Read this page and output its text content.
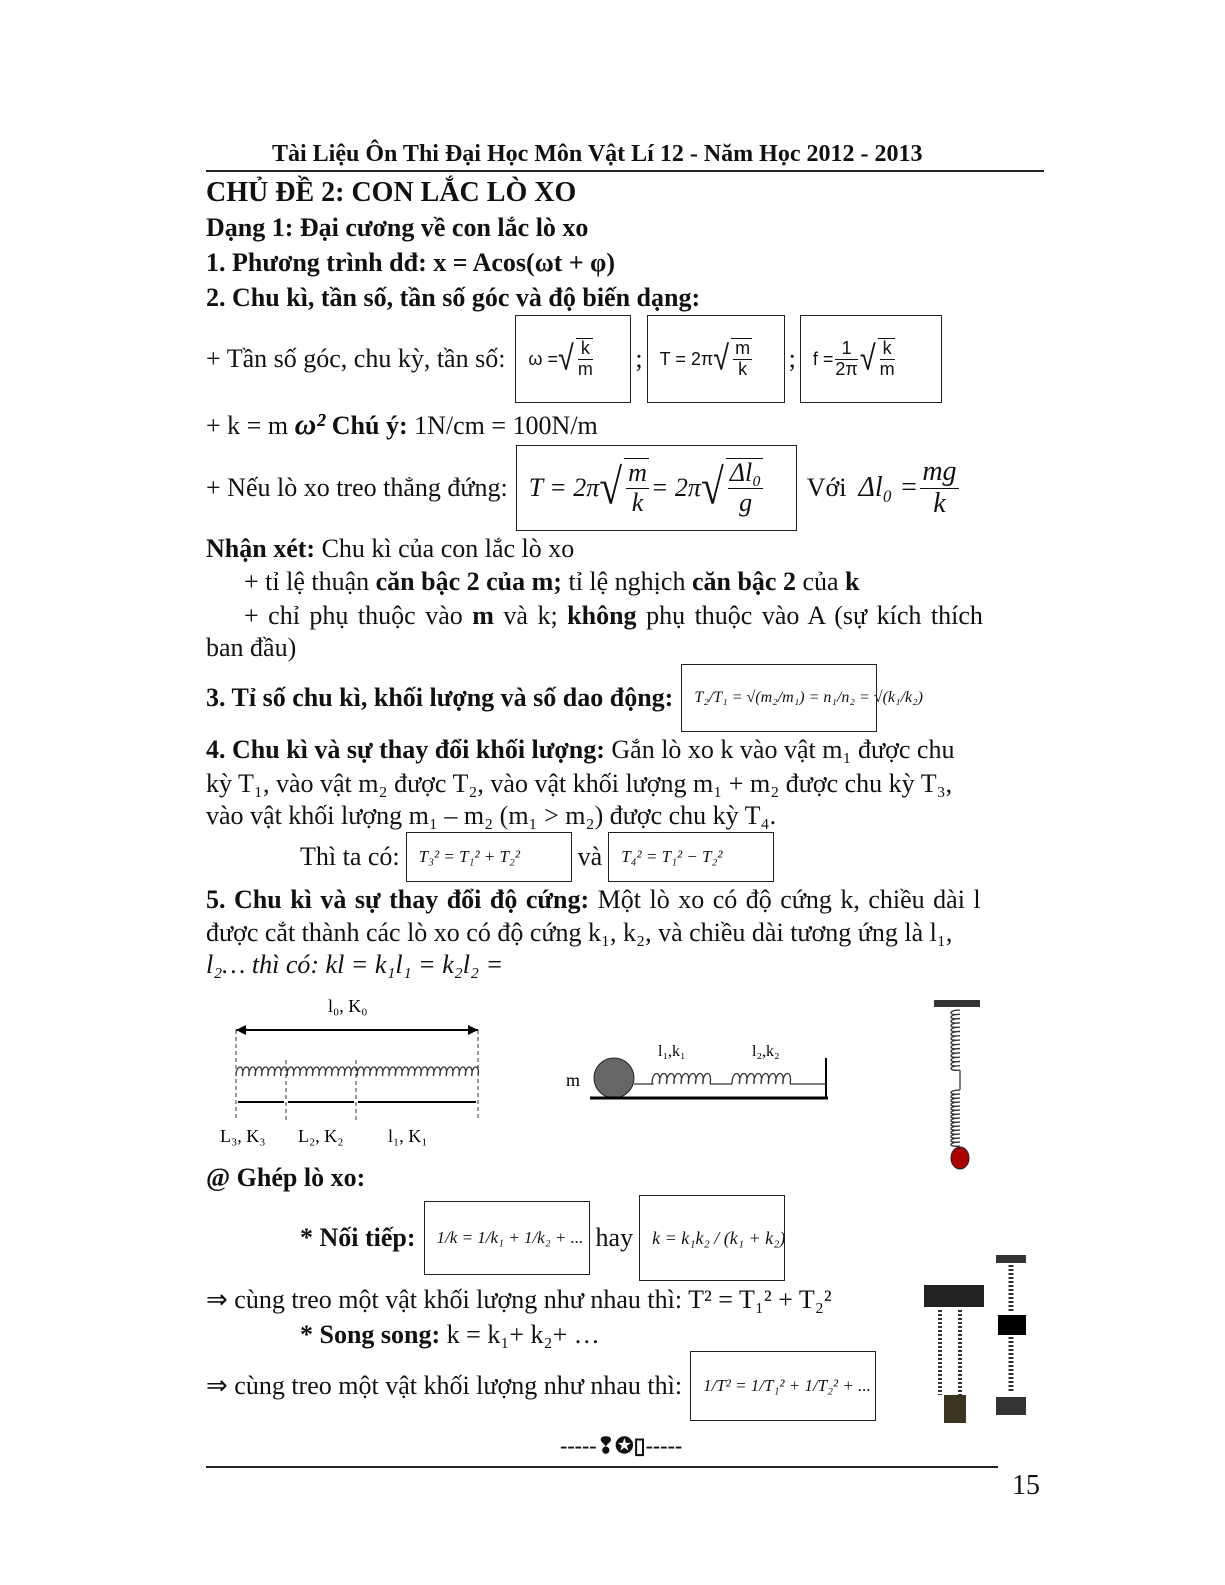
Tài Liệu Ôn Thi Đại Học Môn Vật Lí 12 - Năm Học 2012 - 2013
CHỦ ĐỀ 2: CON LẮC LÒ XO
Dạng 1: Đại cương về con lắc lò xo
1. Phương trình dđ: x = Acos(ωt + φ)
2. Chu kì, tần số, tần số góc và độ biến dạng:
+ Tần số góc, chu kỳ, tần số: ω = √ $\frac{k}{m}$ ; T = 2π √ $\frac{m}{k}$ ; $f = \frac{1}{2\pi}$ √ $\frac{k}{m}$
+ k = m ω² Chú ý: 1N/cm = 100N/m
+ Nếu lò xo treo thẳng đứng: T = 2π √ $\frac{m}{k} = 2\pi$ √ $\frac{\text{Δl₀}}{g}$ Với $\Delta l_0 = \frac{mg}{k}$
Nhận xét: Chu kì của con lắc lò xo
+ tỉ lệ thuận căn bậc 2 của m; tỉ lệ nghịch căn bậc 2 của k
+ chỉ phụ thuộc vào m và k; không phụ thuộc vào A (sự kích thích
ban đầu)
3. Tỉ số chu kì, khối lượng và số dao động:	T₂/T₁ = √(m₂/m₁) = n₁/n₂ = √(k₁/k₂)
4. Chu kì và sự thay đổi khối lượng: Gắn lò xo k vào vật m₁ được chu
kỳ T₁, vào vật m₂ được T₂, vào vật khối lượng m₁ + m₂ được chu kỳ T₃,
vào vật khối lượng m₁ – m₂ (m₁ > m₂) được chu kỳ T₄.
Thì ta có:	T₃² = T₁² + T₂²	và	T₄² = T₁² − T₂²
5. Chu kì và sự thay đổi độ cứng: Một lò xo có độ cứng k, chiều dài l
được cắt thành các lò xo có độ cứng k₁, k₂, và chiều dài tương ứng là l₁,
l₂… thì có: kl = k₁l₁ = k₂l₂ =
l₀, K₀
L₃, K₃ L₂, K₂ l₁, K₁
m
l₁,k₁	l₂,k₂
@ Ghép lò xo:
* Nối tiếp:	1/k = 1/k₁ + 1/k₂ + ... hay	k = k₁k₂ / (k₁ + k₂)
⇒ cùng treo một vật khối lượng như nhau thì: T² = T₁² + T₂²
* Song song: k = k₁+ k₂+ …
⇒ cùng treo một vật khối lượng như nhau thì:	1/T² = 1/T₁² + 1/T₂² + ...
-----❢✪▯-----
15
